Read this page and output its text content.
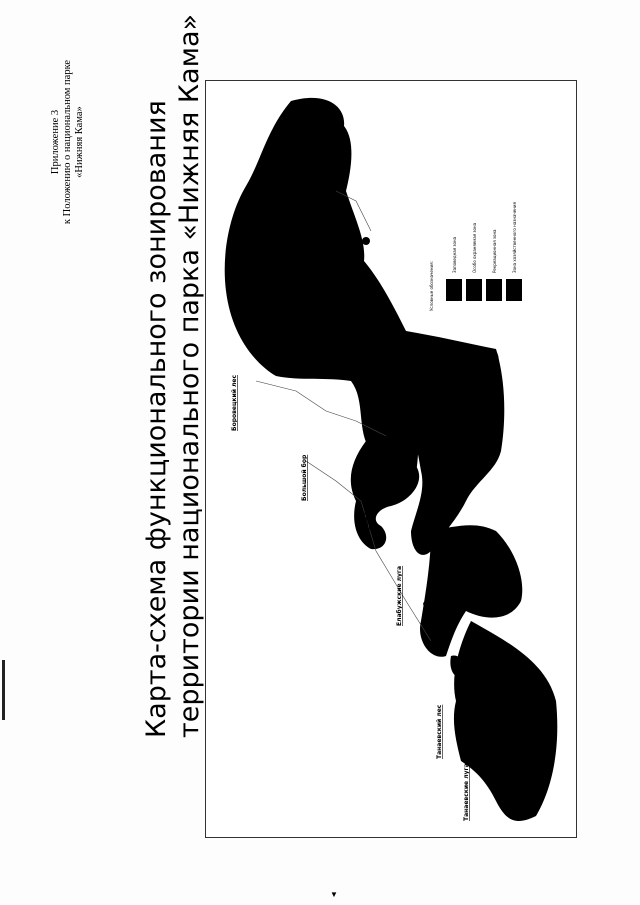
Приложение 3 к Положению о национальном парке «Нижняя Кама» Карта-схема функционального зонирования территории национального парка «Нижняя Кама»	Условные обозначения:
Заповедная зона	Особо охраняемая зона	Рекреационная зона	Зона хозяйственного назначения
Боровецкий лес
Большой бор
Малый бор
Елабужские луга
Танаевский лес
Танаевские луга
▼
